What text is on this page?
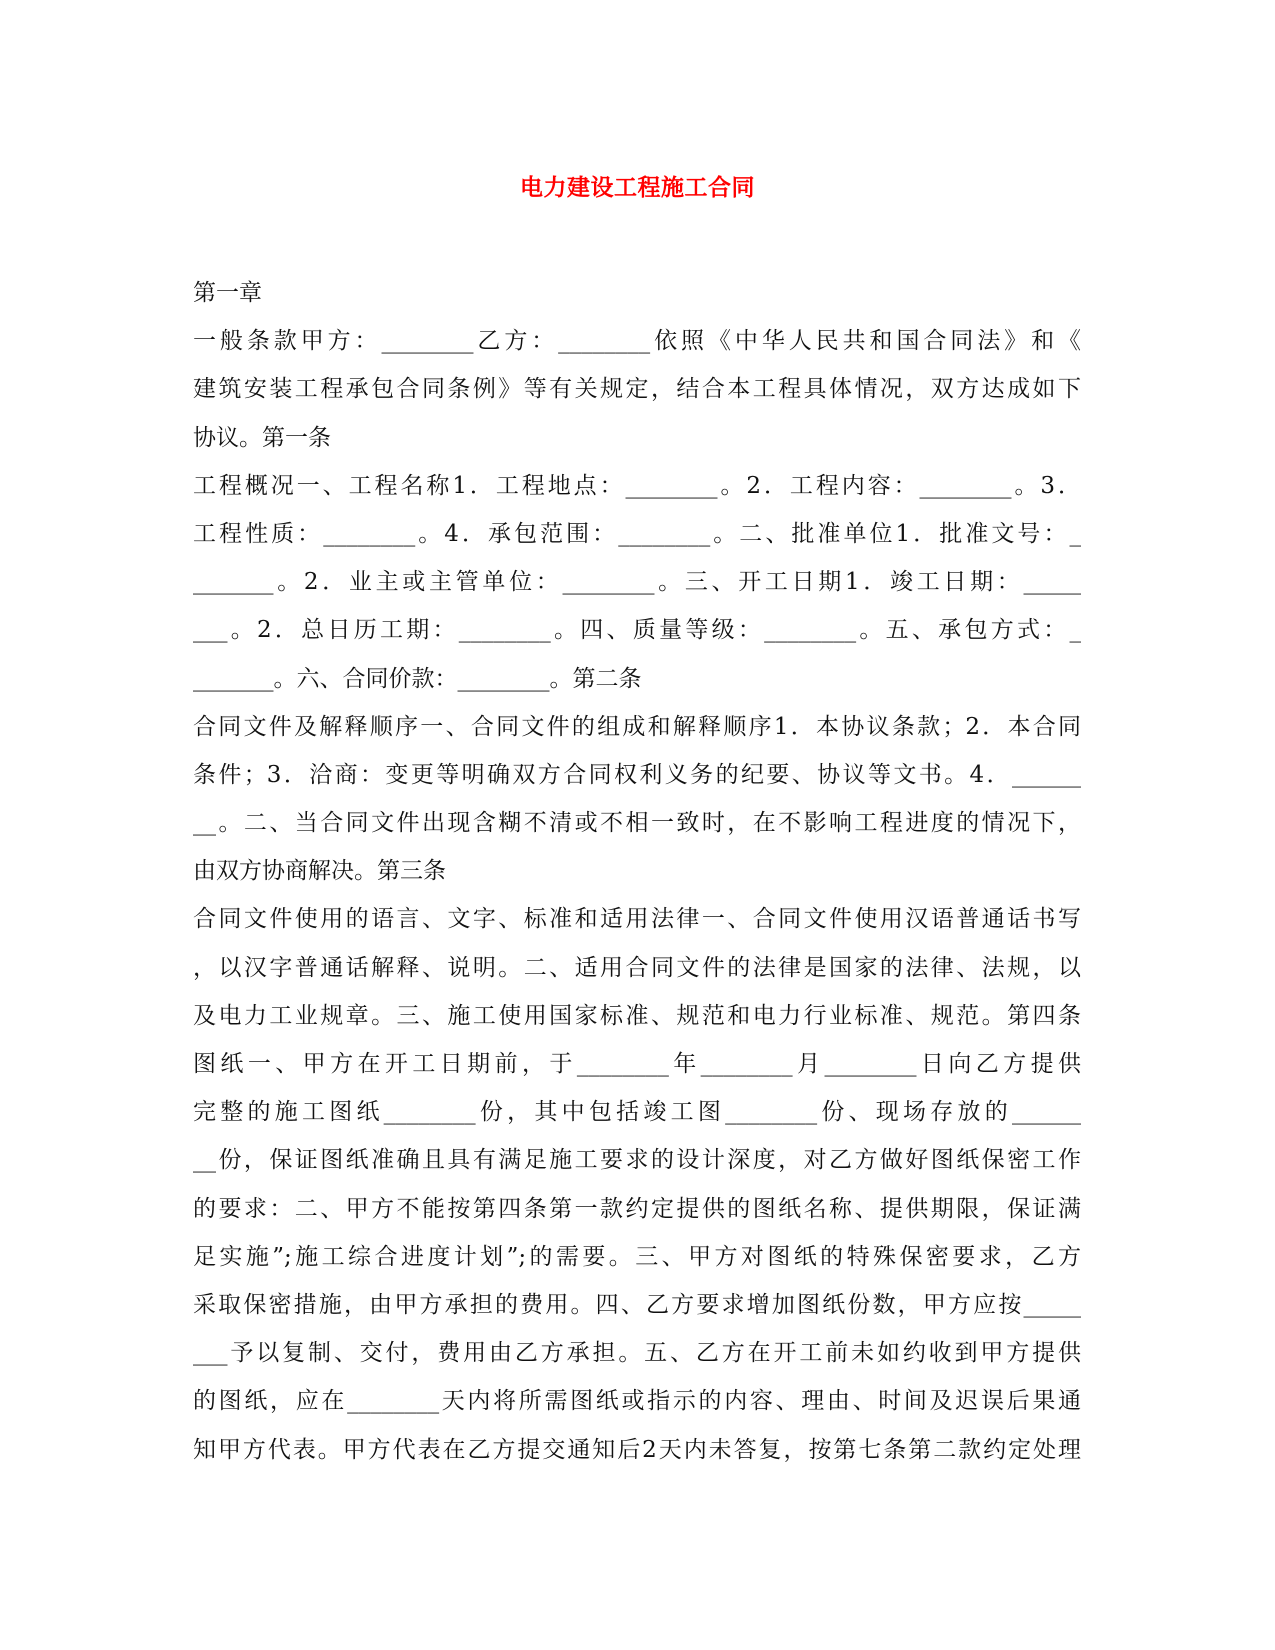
电力建设工程施工合同
第一章
一般条款甲方：________乙方：________依照《中华人民共和国合同法》和《
建筑安装工程承包合同条例》等有关规定，结合本工程具体情况，双方达成如下
协议。第一条
工程概况一、工程名称1．工程地点：________。2．工程内容：________。3．
工程性质：________。4．承包范围：________。二、批准单位1．批准文号：_
_______。2．业主或主管单位：________。三、开工日期1．竣工日期：_____
___。2．总日历工期：________。四、质量等级：________。五、承包方式：_
_______。六、合同价款：________。第二条
合同文件及解释顺序一、合同文件的组成和解释顺序1．本协议条款；2．本合同
条件；3．洽商：变更等明确双方合同权利义务的纪要、协议等文书。4．______
__。二、当合同文件出现含糊不清或不相一致时，在不影响工程进度的情况下，
由双方协商解决。第三条
合同文件使用的语言、文字、标准和适用法律一、合同文件使用汉语普通话书写
，以汉字普通话解释、说明。二、适用合同文件的法律是国家的法律、法规，以
及电力工业规章。三、施工使用国家标准、规范和电力行业标准、规范。第四条
图纸一、甲方在开工日期前，于________年________月________日向乙方提供
完整的施工图纸________份，其中包括竣工图________份、现场存放的______
__份，保证图纸准确且具有满足施工要求的设计深度，对乙方做好图纸保密工作
的要求：二、甲方不能按第四条第一款约定提供的图纸名称、提供期限，保证满
足实施”;施工综合进度计划”;的需要。三、甲方对图纸的特殊保密要求，乙方
采取保密措施，由甲方承担的费用。四、乙方要求增加图纸份数，甲方应按_____
___予以复制、交付，费用由乙方承担。五、乙方在开工前未如约收到甲方提供
的图纸，应在________天内将所需图纸或指示的内容、理由、时间及迟误后果通
知甲方代表。甲方代表在乙方提交通知后2天内未答复，按第七条第二款约定处理
